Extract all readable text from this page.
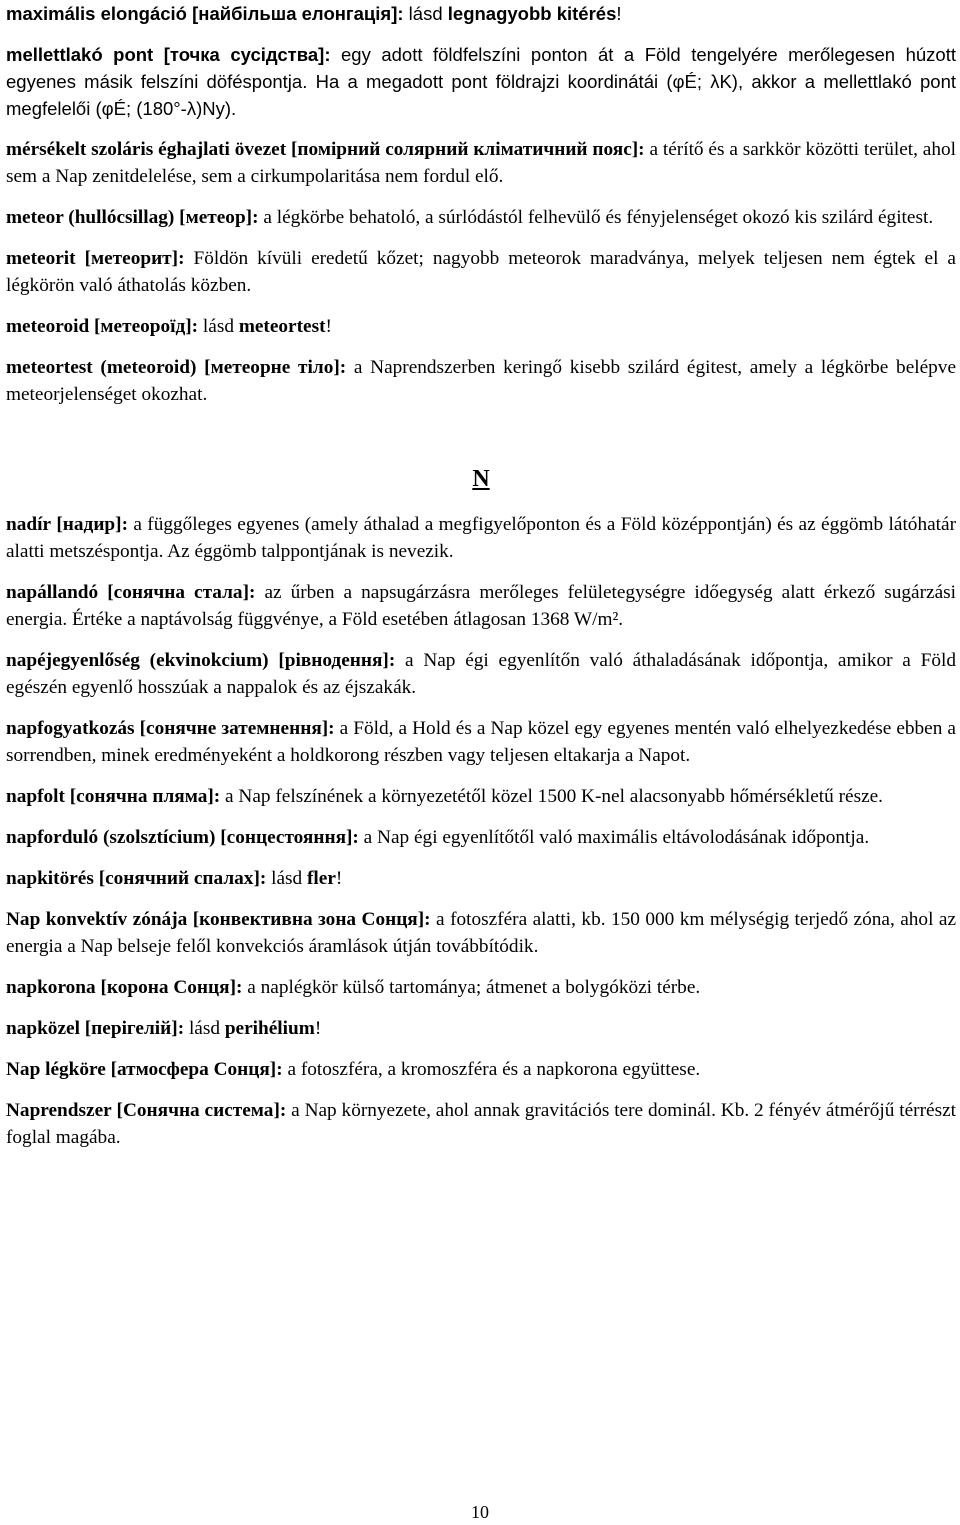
maximális elongáció [найбільша елонгація]: lásd legnagyobb kitérés!

mellettlakó pont [точка сусідства]: egy adott földfelszíni ponton át a Föld tengelyére merőlegesen húzott egyenes másik felszíni döféspontja. Ha a megadott pont földrajzi koordinátái (φÉ; λK), akkor a mellettlakó pont megfelelői (φÉ; (180°-λ)Ny).

mérsékelt szoláris éghajlati övezet [помірний солярний кліматичний пояс]: a térítő és a sarkkör közötti terület, ahol sem a Nap zenitdelelése, sem a cirkumpolaritása nem fordul elő.

meteor (hullócsillag) [метеор]: a légkörbe behatoló, a súrlódástól felhevülő és fényjelenséget okozó kis szilárd égitest.

meteorit [метеорит]: Földön kívüli eredetű kőzet; nagyobb meteorok maradványa, melyek teljesen nem égtek el a légkörön való áthatolás közben.

meteoroid [метеороїд]: lásd meteortest!

meteortest (meteoroid) [метеорне тіло]: a Naprendszerben keringő kisebb szilárd égitest, amely a légkörbe belépve meteorjelenséget okozhat.

N

nadír [надир]: a függőleges egyenes (amely áthalad a megfigyelőponton és a Föld középpontján) és az éggömb látóhatár alatti metszéspontja. Az éggömb talppontjának is nevezik.

napállandó [сонячна стала]: az űrben a napsugárzásra merőleges felületegységre időegység alatt érkező sugárzási energia. Értéke a naptávolság függvénye, a Föld esetében átlagosan 1368 W/m².

napéjegyenlőség (ekvinokcium) [рівнодення]: a Nap égi egyenlítőn való áthaladásának időpontja, amikor a Föld egészén egyenlő hosszúak a nappalok és az éjszakák.

napfogyatkozás [сонячне затемнення]: a Föld, a Hold és a Nap közel egy egyenes mentén való elhelyezkedése ebben a sorrendben, minek eredményeként a holdkorong részben vagy teljesen eltakarja a Napot.

napfolt [сонячна пляма]: a Nap felszínének a környezetétől közel 1500 K-nel alacsonyabb hőmérsékletű része.

napforduló (szolsztícium) [сонцестояння]: a Nap égi egyenlítőtől való maximális eltávolodásának időpontja.

napkitörés [сонячний спалах]: lásd fler!

Nap konvektív zónája [конвективна зона Сонця]: a fotoszféra alatti, kb. 150 000 km mélységig terjedő zóna, ahol az energia a Nap belseje felől konvekciós áramlások útján továbbítódik.

napkorona [корона Сонця]: a naplégkör külső tartománya; átmenet a bolygóközi térbe.

napközel [перігелій]: lásd perihélium!

Nap légköre [атмосфера Сонця]: a fotoszféra, a kromoszféra és a napkorona együttese.

Naprendszer [Сонячна система]: a Nap környezete, ahol annak gravitációs tere dominál. Kb. 2 fényév átmérőjű térrészt foglal magába.

10
